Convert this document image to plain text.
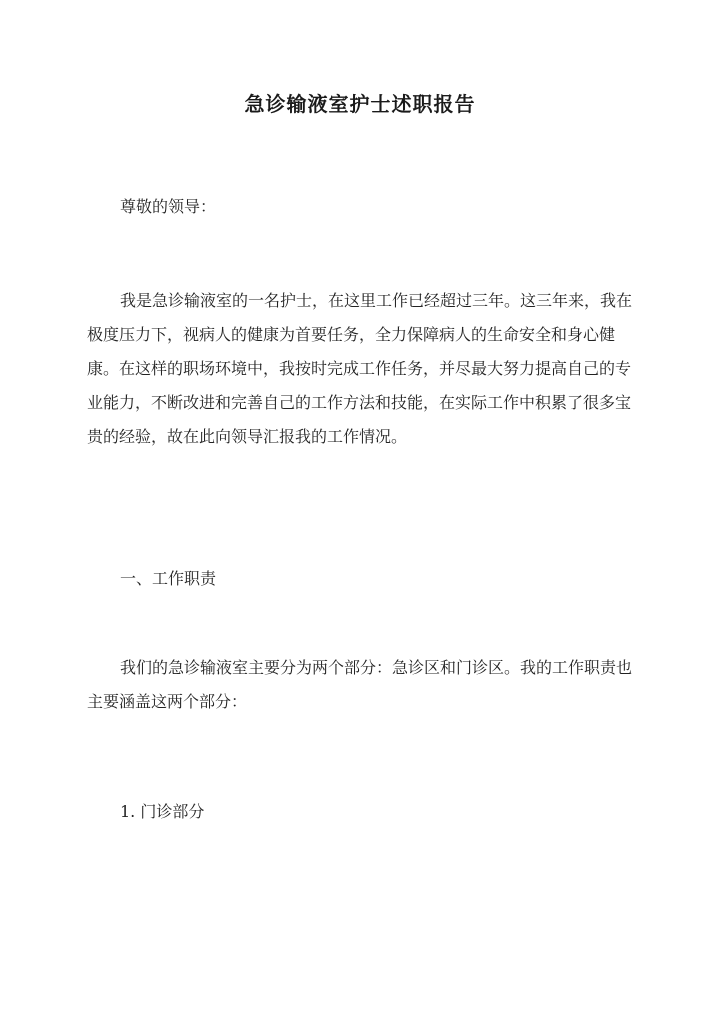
急诊输液室护士述职报告

尊敬的领导：

我是急诊输液室的一名护士，在这里工作已经超过三年。这三年来，我在极度压力下，视病人的健康为首要任务，全力保障病人的生命安全和身心健康。在这样的职场环境中，我按时完成工作任务，并尽最大努力提高自己的专业能力，不断改进和完善自己的工作方法和技能，在实际工作中积累了很多宝贵的经验，故在此向领导汇报我的工作情况。

一、工作职责

我们的急诊输液室主要分为两个部分：急诊区和门诊区。我的工作职责也主要涵盖这两个部分：

1. 门诊部分
